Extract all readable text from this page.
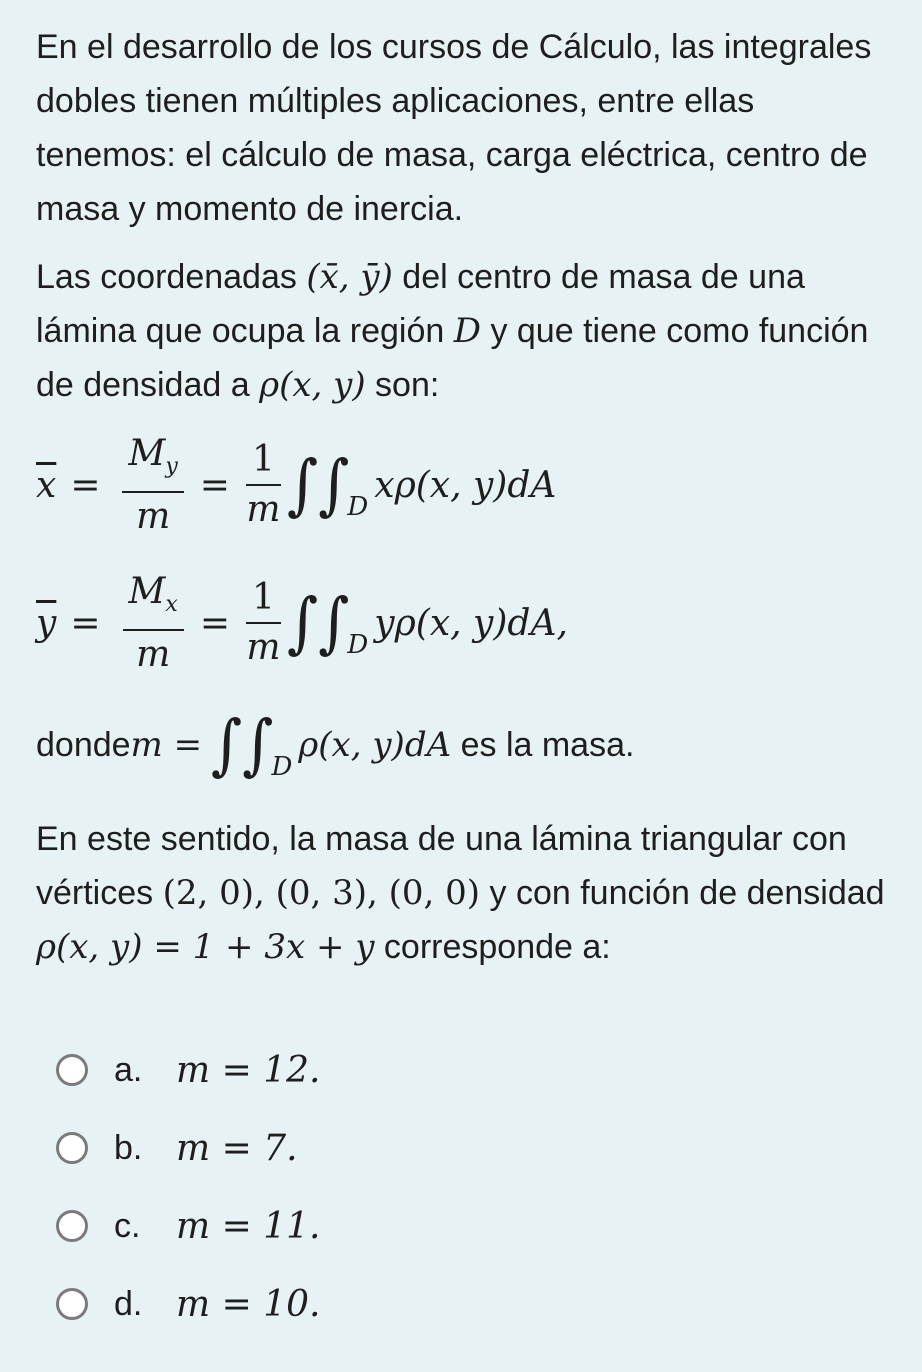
En el desarrollo de los cursos de Cálculo, las integrales dobles tienen múltiples aplicaciones, entre ellas tenemos: el cálculo de masa, carga eléctrica, centro de masa y momento de inercia.

Las coordenadas (x̄, ȳ) del centro de masa de una lámina que ocupa la región D y que tiene como función de densidad a ρ(x, y) son:

$\overline{x} = \frac{M_y}{m} = \frac{1}{m}$ ∫∫
D
xρ(x, y)dA
$\overline{y} = \frac{M_x}{m} = \frac{1}{m}$ ∫∫
D
yρ(x, y)dA,
donde m =
∫∫
D
ρ(x, y)dA es la masa.

En este sentido, la masa de una lámina triangular con vértices (2, 0), (0, 3), (0, 0) y con función de densidad ρ(x, y) = 1 + 3x + y corresponde a:

a. m = 12.
b. m = 7.
c. m = 11.
d. m = 10.
